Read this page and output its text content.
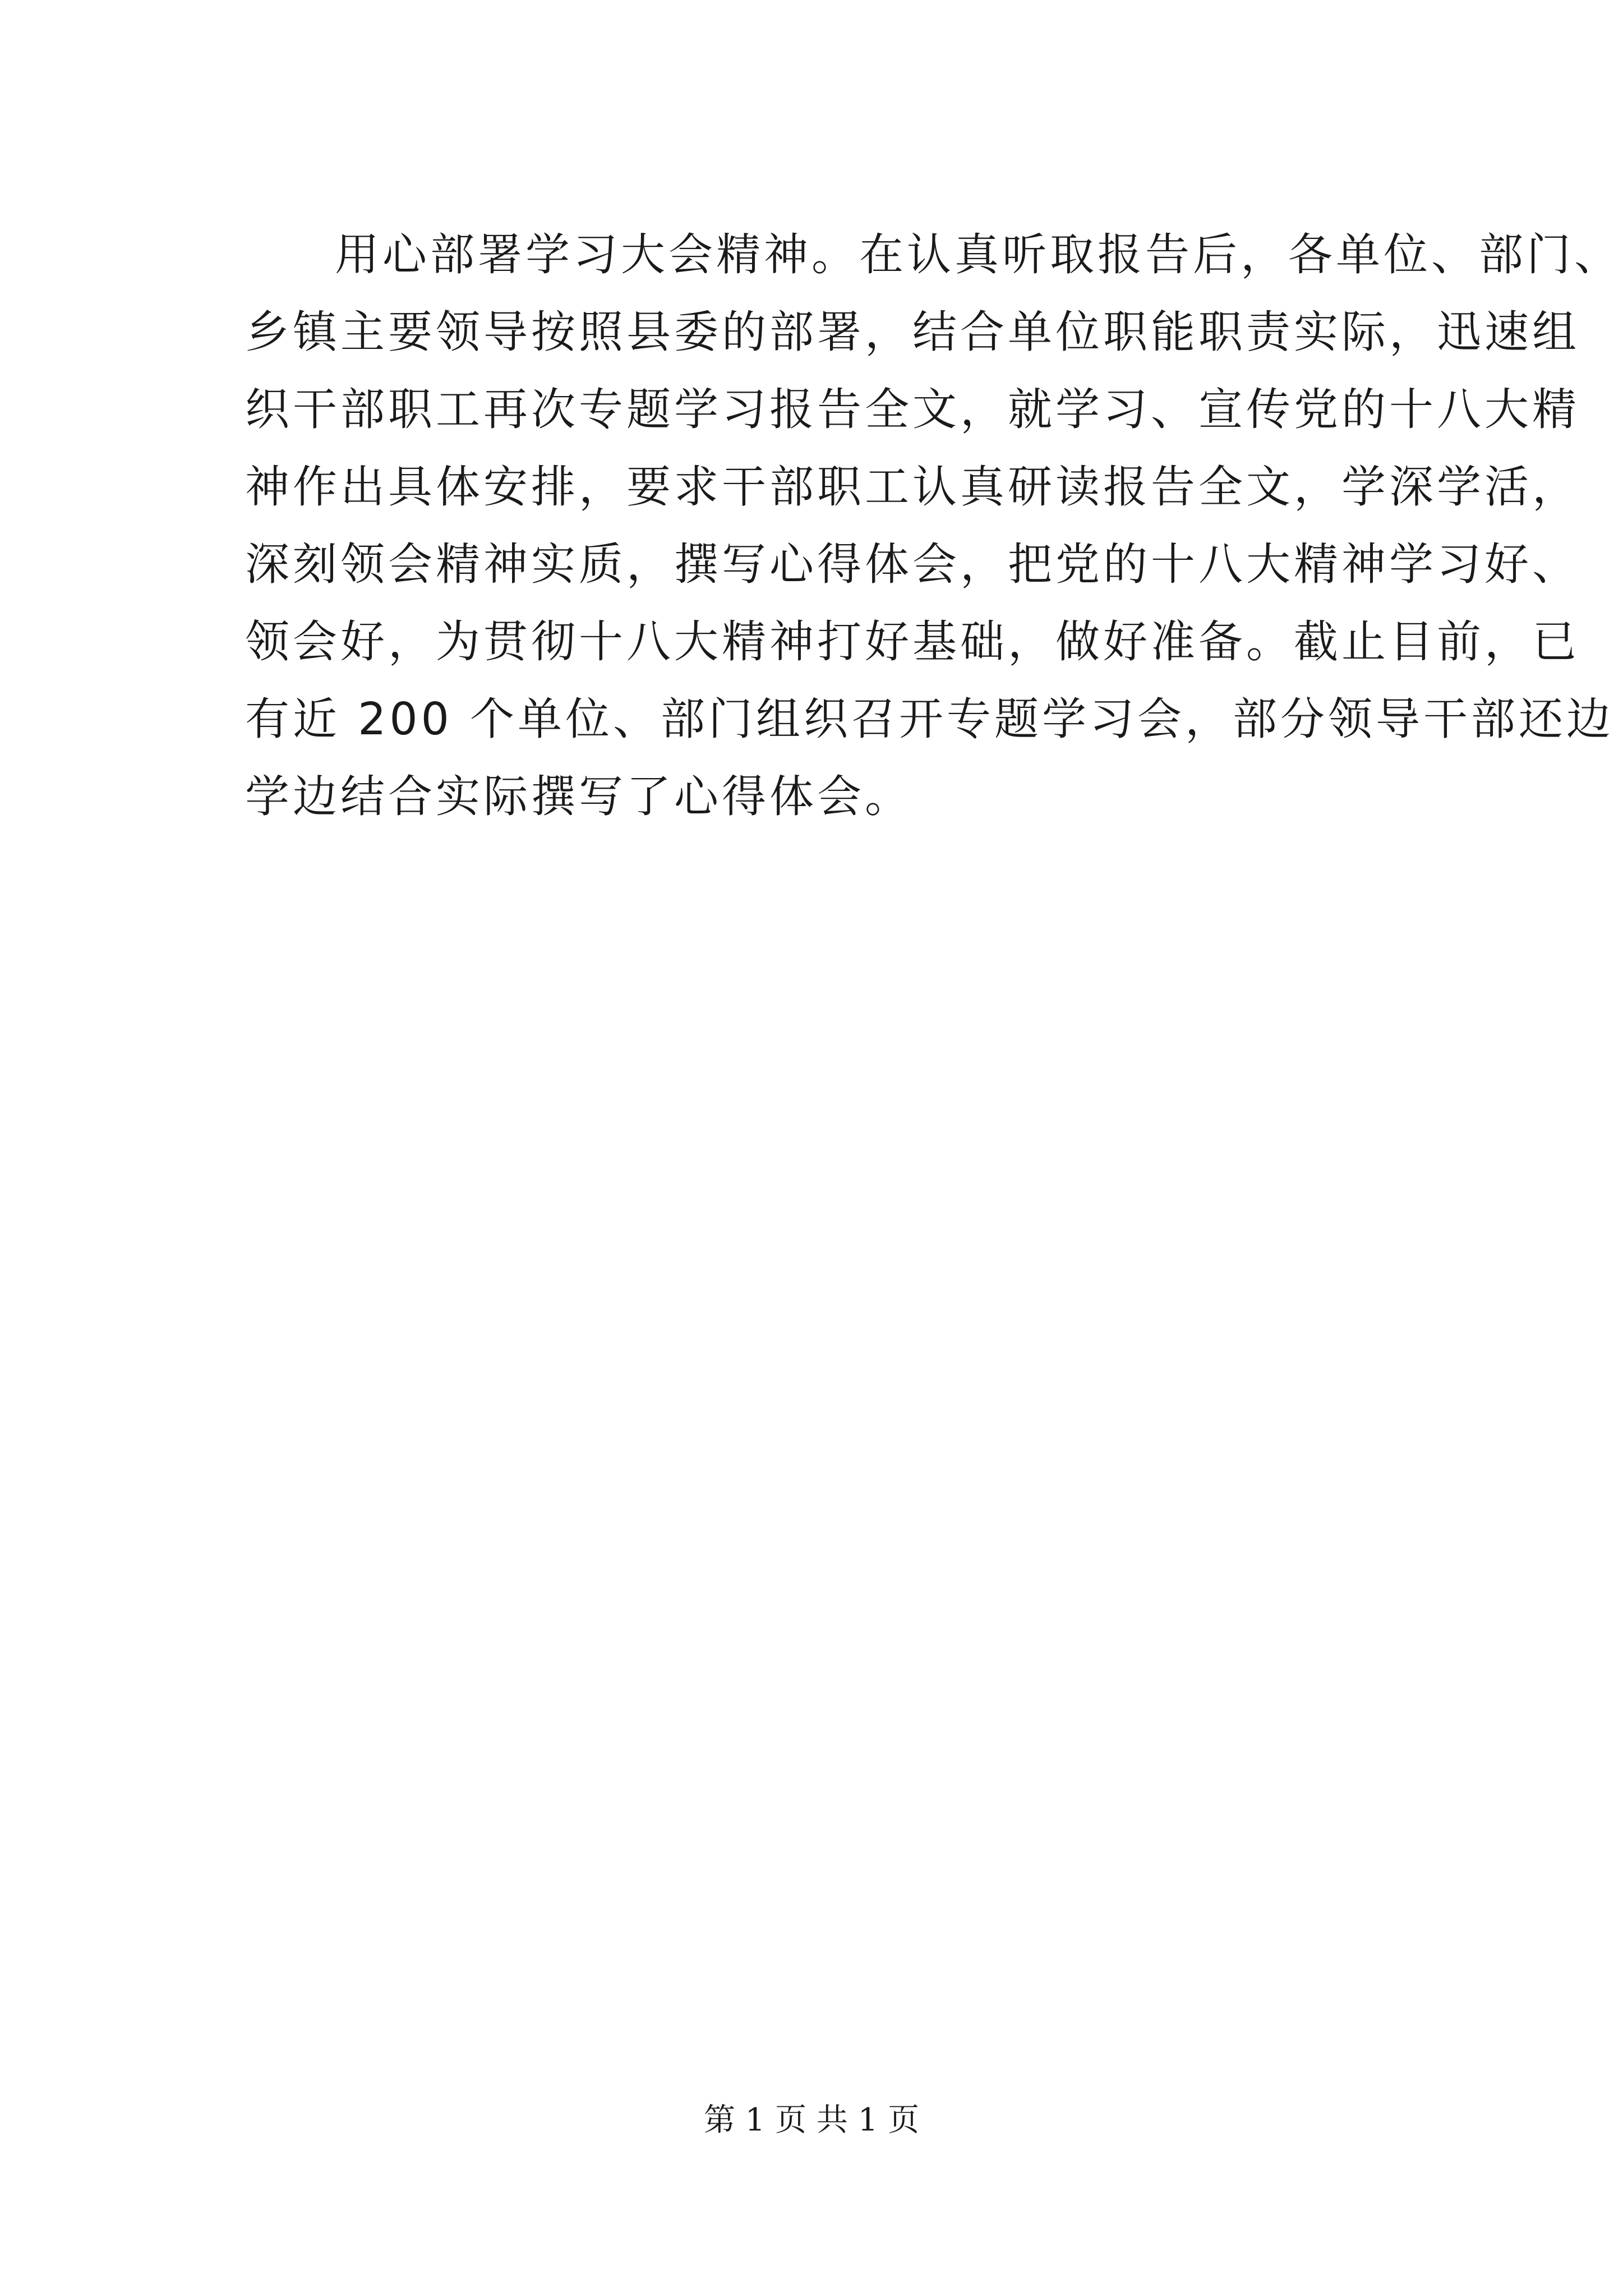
用心部署学习大会精神。在认真听取报告后，各单位、部门、
乡镇主要领导按照县委的部署，结合单位职能职责实际，迅速组
织干部职工再次专题学习报告全文，就学习、宣传党的十八大精
神作出具体安排，要求干部职工认真研读报告全文，学深学活，
深刻领会精神实质，撰写心得体会，把党的十八大精神学习好、
领会好，为贯彻十八大精神打好基础，做好准备。截止目前，已
有近 200 个单位、部门组织召开专题学习会，部分领导干部还边
学边结合实际撰写了心得体会。
第 1 页 共 1 页
